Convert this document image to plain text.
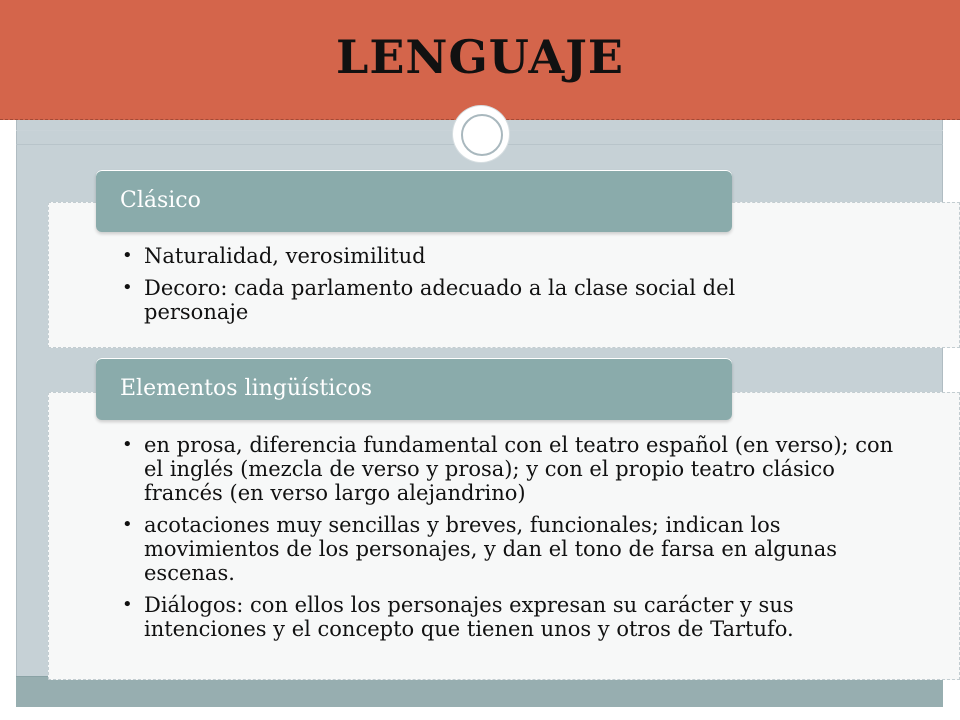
LENGUAJE
Clásico
• Naturalidad, verosimilitud
• Decoro: cada parlamento adecuado a la clase social del personaje
Elementos lingüísticos
• en prosa, diferencia fundamental con el teatro español (en verso); con el inglés (mezcla de verso y prosa); y con el propio teatro clásico francés (en verso largo alejandrino)
• acotaciones muy sencillas y breves, funcionales; indican los movimientos de los personajes, y dan el tono de farsa en algunas escenas.
• Diálogos: con ellos los personajes expresan su carácter y sus intenciones y el concepto que tienen unos y otros de Tartufo.
